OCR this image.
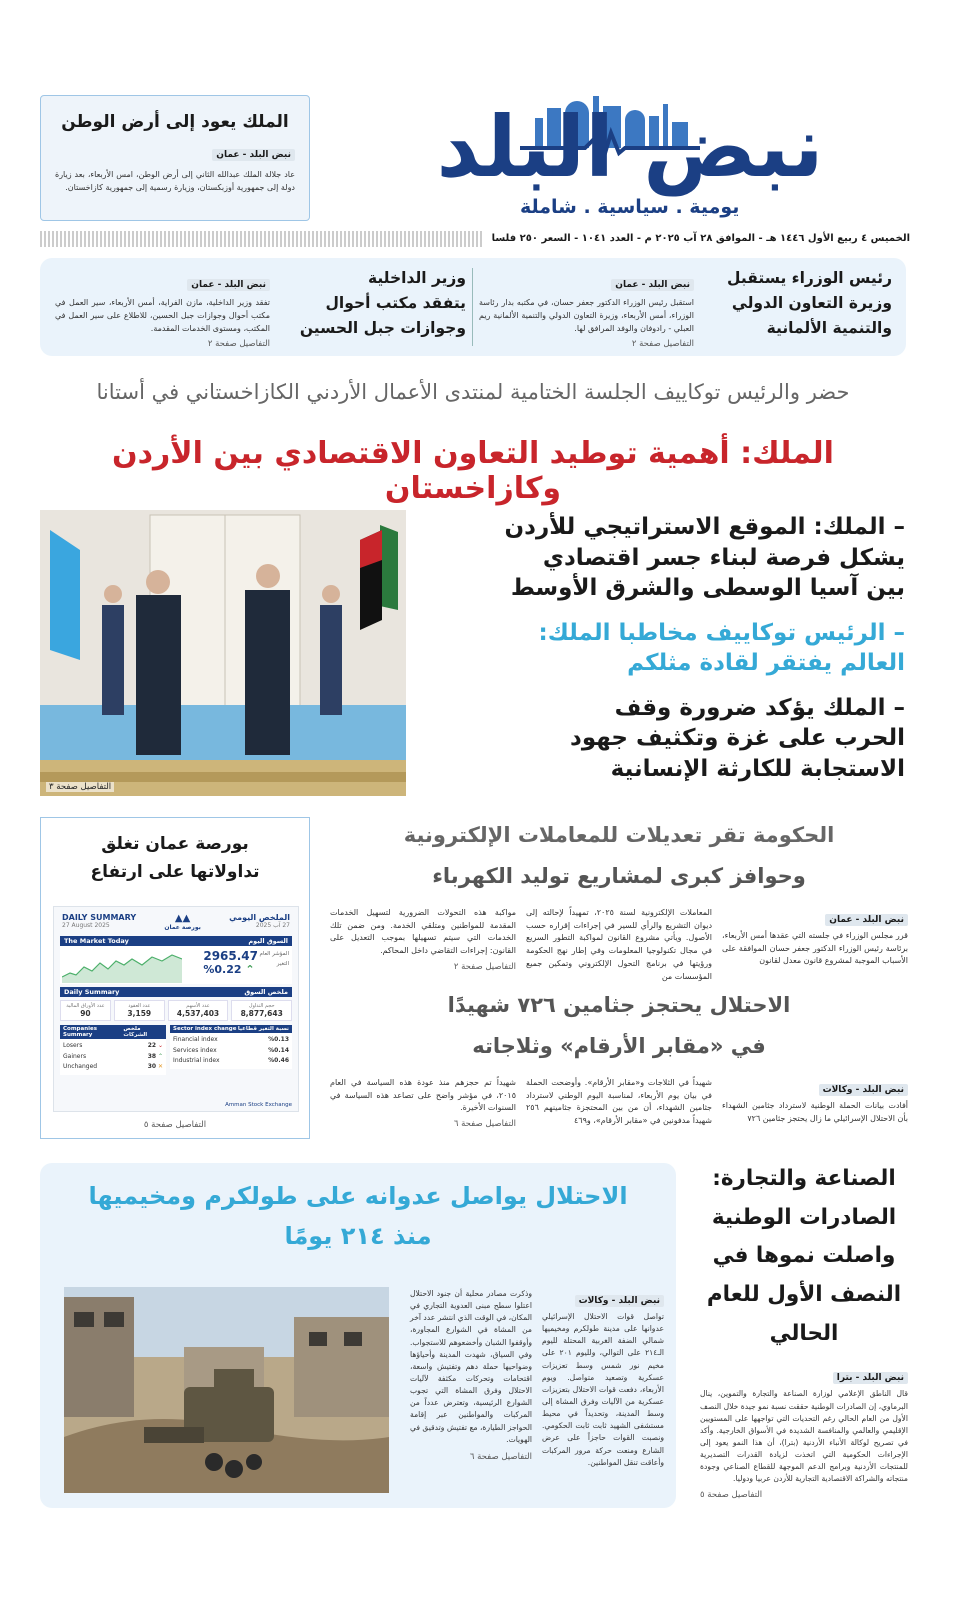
نبض البلد
يومية . سياسية . شاملة
الملك يعود إلى أرض الوطن
نبض البلد - عمان
عاد جلالة الملك عبدالله الثاني إلى أرض الوطن، امس الأربعاء، بعد زيارة دولة إلى جمهورية أوزبكستان، وزيارة رسمية إلى جمهورية كازاخستان.
الخميس ٤ ربيع الأول ١٤٤٦ هـ - الموافق ٢٨ آب ٢٠٢٥ م - العدد ١٠٤١ - السعر ٢٥٠ فلسا
رئيس الوزراء يستقبل
وزيرة التعاون الدولي
والتنمية الألمانية
نبض البلد - عمان
استقبل رئيس الوزراء الدكتور جعفر حسان، في مكتبه بدار رئاسة الوزراء، أمس الأربعاء، وزيرة التعاون الدولي والتنمية الألمانية ريم العبلي - رادوفان والوفد المرافق لها.
التفاصيل صفحة ٢
وزير الداخلية
يتفقد مكتب أحوال
وجوازات جبل الحسين
نبض البلد - عمان
تفقد وزير الداخلية، مازن الفراية، أمس الأربعاء، سير العمل في مكتب أحوال وجوازات جبل الحسين، للاطلاع على سير العمل في المكتب، ومستوى الخدمات المقدمة.
التفاصيل صفحة ٢
حضر والرئيس توكاييف الجلسة الختامية لمنتدى الأعمال الأردني الكازاخستاني في أستانا
الملك: أهمية توطيد التعاون الاقتصادي بين الأردن وكازاخستان
التفاصيل صفحة ٣
– الملك: الموقع الاستراتيجي للأردن
يشكل فرصة لبناء جسر اقتصادي
بين آسيا الوسطى والشرق الأوسط
– الرئيس توكاييف مخاطبا الملك:
العالم يفتقر لقادة مثلكم
– الملك يؤكد ضرورة وقف
الحرب على غزة وتكثيف جهود
الاستجابة للكارثة الإنسانية
بورصة عمان تغلق
تداولاتها على ارتفاع
DAILY SUMMARY
27 August 2025
▲▲
بورصة عمان
الملخص اليومي
27 آب 2025
The Market Today	السوق اليوم
2965.47
%0.22 ⌃
المؤشر العام
التغير
Daily Summary	ملخص السوق
عدد الأوراق المالية
90
عدد العقود
3,159
عدد الأسهم
4,537,403
حجم التداول
8,877,643
Companies Summary
ملخص الشركات
Losers	22 ⌄
Gainers	38 ⌃
Unchanged	30 ✕
Sector index change نسبة التغير قطاعيا
Financial index	%0.13
Services index	%0.14
Industrial index	%0.46
Amman Stock Exchange
التفاصيل صفحة ٥
الحكومة تقر تعديلات للمعاملات الإلكترونية
وحوافز كبرى لمشاريع توليد الكهرباء
نبض البلد - عمان
قرر مجلس الوزراء في جلسته التي عقدها أمس الأربعاء، برئاسة رئيس الوزراء الدكتور جعفر حسان الموافقة على الأسباب الموجبة لمشروع قانون معدل لقانون
المعاملات الإلكترونية لسنة ٢٠٢٥، تمهيداً لإحالته إلى ديوان التشريع والرأي للسير في إجراءات إقراره حسب الأصول. ويأتي مشروع القانون لمواكبة التطور السريع في مجال تكنولوجيا المعلومات وفي إطار نهج الحكومة ورؤيتها في برنامج التحول الإلكتروني وتمكين جميع المؤسسات من
مواكبة هذه التحولات الضرورية لتسهيل الخدمات المقدمة للمواطنين ومتلقي الخدمة. ومن ضمن تلك الخدمات التي سيتم تسهيلها بموجب التعديل على القانون: إجراءات التقاضي داخل المحاكم.
التفاصيل صفحة ٢
الاحتلال يحتجز جثامين ٧٢٦ شهيدًا
في «مقابر الأرقام» وثلاجاته
نبض البلد - وكالات
أفادت بيانات الحملة الوطنية لاسترداد جثامين الشهداء بأن الاحتلال الإسرائيلي ما زال يحتجز جثامين ٧٢٦
شهيداً في الثلاجات و«مقابر الأرقام». وأوضحت الحملة في بيان يوم الأربعاء، لمناسبة اليوم الوطني لاسترداد جثامين الشهداء، أن من بين المحتجزة جثامينهم ٢٥٦ شهيداً مدفونين في «مقابر الأرقام»، و٤٦٩
شهيداً تم حجزهم منذ عودة هذه السياسة في العام ٢٠١٥، في مؤشر واضح على تصاعد هذه السياسة في السنوات الأخيرة.
التفاصيل صفحة ٦
الاحتلال يواصل عدوانه على طولكرم ومخيميها
منذ ٢١٤ يومًا
نبض البلد - وكالات
تواصل قوات الاحتلال الإسرائيلي عدوانها على مدينة طولكرم ومخيميها شمالي الضفة الغربية المحتلة لليوم الـ٢١٤ على التوالي، ولليوم ٢٠١ على مخيم نور شمس وسط تعزيزات عسكرية وتصعيد متواصل. ويوم الأربعاء، دفعت قوات الاحتلال بتعزيزات عسكرية من الآليات وفرق المشاة إلى وسط المدينة، وتحديداً في محيط مستشفى الشهيد ثابت ثابت الحكومي. ونصبت القوات حاجزاً على عرض الشارع ومنعت حركة مرور المركبات وأعاقت تنقل المواطنين.
وذكرت مصادر محلية أن جنود الاحتلال اعتلوا سطح مبنى العدوية التجاري في المكان، في الوقت الذي انتشر عدد آخر من المشاة في الشوارع المجاورة، وأوقفوا الشبان وأخضعوهم للاستجواب. وفي السياق، شهدت المدينة وأحياؤها وضواحيها حملة دهم وتفتيش واسعة، اقتحامات وتحركات مكثفة لآليات الاحتلال وفرق المشاة التي تجوب الشوارع الرئيسية، وتعترض عدداً من المركبات والمواطنين عبر إقامة الحواجز الطيارة، مع تفتيش وتدقيق في الهويات.
التفاصيل صفحة ٦
الصناعة والتجارة:
الصادرات الوطنية
واصلت نموها في
النصف الأول للعام
الحالي
نبض البلد - بترا
قال الناطق الإعلامي لوزارة الصناعة والتجارة والتموين، ينال البرماوي، إن الصادرات الوطنية حققت نسبة نمو جيدة خلال النصف الأول من العام الحالي رغم التحديات التي تواجهها على المستويين الإقليمي والعالمي والمنافسة الشديدة في الأسواق الخارجية. وأكد في تصريح لوكالة الأنباء الأردنية (بترا)، أن هذا النمو يعود إلى الإجراءات الحكومية التي اتخذت لزيادة القدرات التصديرية للمنتجات الأردنية وبرامج الدعم الموجهة للقطاع الصناعي وجودة منتجاته والشراكة الاقتصادية التجارية للأردن عربيا ودوليا.
التفاصيل صفحة ٥
